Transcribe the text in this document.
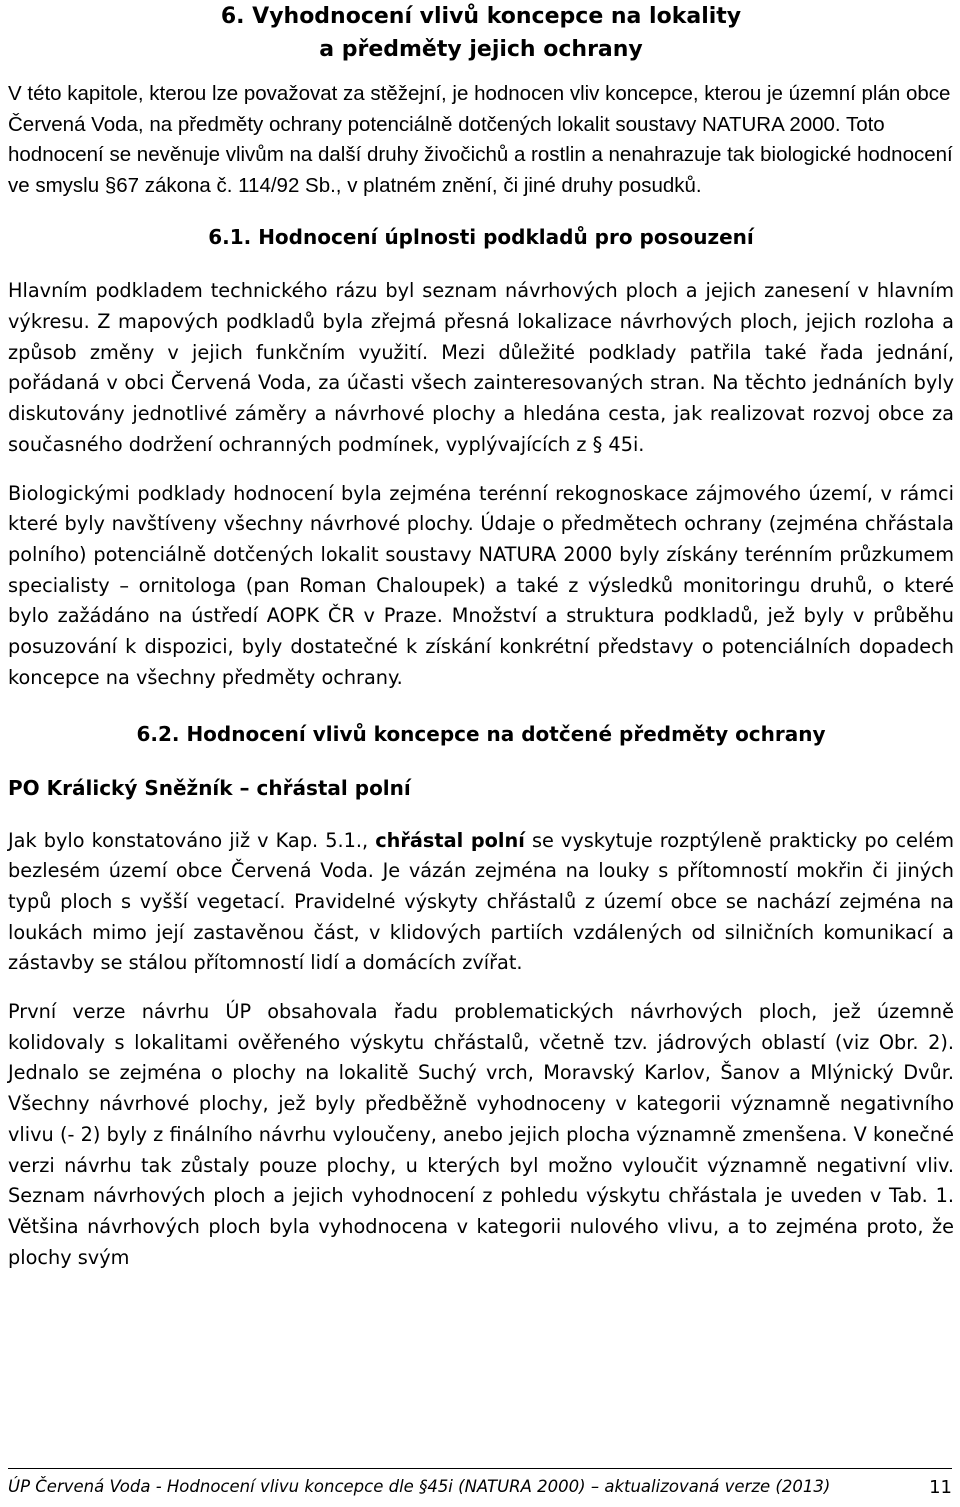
6. Vyhodnocení vlivů koncepce na lokality
a předměty jejich ochrany

V této kapitole, kterou lze považovat za stěžejní, je hodnocen vliv koncepce, kterou je územní plán obce Červená Voda, na předměty ochrany potenciálně dotčených lokalit soustavy NATURA 2000. Toto hodnocení se nevěnuje vlivům na další druhy živočichů a rostlin a nenahrazuje tak biologické hodnocení ve smyslu §67 zákona č. 114/92 Sb., v platném znění, či jiné druhy posudků.

6.1. Hodnocení úplnosti podkladů pro posouzení

Hlavním podkladem technického rázu byl seznam návrhových ploch a jejich zanesení v hlavním výkresu. Z mapových podkladů byla zřejmá přesná lokalizace návrhových ploch, jejich rozloha a způsob změny v jejich funkčním využití. Mezi důležité podklady patřila také řada jednání, pořádaná v obci Červená Voda, za účasti všech zainteresovaných stran. Na těchto jednáních byly diskutovány jednotlivé záměry a návrhové plochy a hledána cesta, jak realizovat rozvoj obce za současného dodržení ochranných podmínek, vyplývajících z § 45i.

Biologickými podklady hodnocení byla zejména terénní rekognoskace zájmového území, v rámci které byly navštíveny všechny návrhové plochy. Údaje o předmětech ochrany (zejména chřástala polního) potenciálně dotčených lokalit soustavy NATURA 2000 byly získány terénním průzkumem specialisty – ornitologa (pan Roman Chaloupek) a také z výsledků monitoringu druhů, o které bylo zažádáno na ústředí AOPK ČR v Praze. Množství a struktura podkladů, jež byly v průběhu posuzování k dispozici, byly dostatečné k získání konkrétní představy o potenciálních dopadech koncepce na všechny předměty ochrany.

6.2. Hodnocení vlivů koncepce na dotčené předměty ochrany
PO Králický Sněžník – chřástal polní

Jak bylo konstatováno již v Kap. 5.1., chřástal polní se vyskytuje rozptýleně prakticky po celém bezlesém území obce Červená Voda. Je vázán zejména na louky s přítomností mokřin či jiných typů ploch s vyšší vegetací. Pravidelné výskyty chřástalů z území obce se nachází zejména na loukách mimo její zastavěnou část, v klidových partiích vzdálených od silničních komunikací a zástavby se stálou přítomností lidí a domácích zvířat.

První verze návrhu ÚP obsahovala řadu problematických návrhových ploch, jež územně kolidovaly s lokalitami ověřeného výskytu chřástalů, včetně tzv. jádrových oblastí (viz Obr. 2). Jednalo se zejména o plochy na lokalitě Suchý vrch, Moravský Karlov, Šanov a Mlýnický Dvůr. Všechny návrhové plochy, jež byly předběžně vyhodnoceny v kategorii významně negativního vlivu (- 2) byly z finálního návrhu vyloučeny, anebo jejich plocha významně zmenšena. V konečné verzi návrhu tak zůstaly pouze plochy, u kterých byl možno vyloučit významně negativní vliv. Seznam návrhových ploch a jejich vyhodnocení z pohledu výskytu chřástala je uveden v Tab. 1. Většina návrhových ploch byla vyhodnocena v kategorii nulového vlivu, a to zejména proto, že plochy svým

ÚP Červená Voda - Hodnocení vlivu koncepce dle §45i (NATURA 2000) – aktualizovaná verze (2013)	11
